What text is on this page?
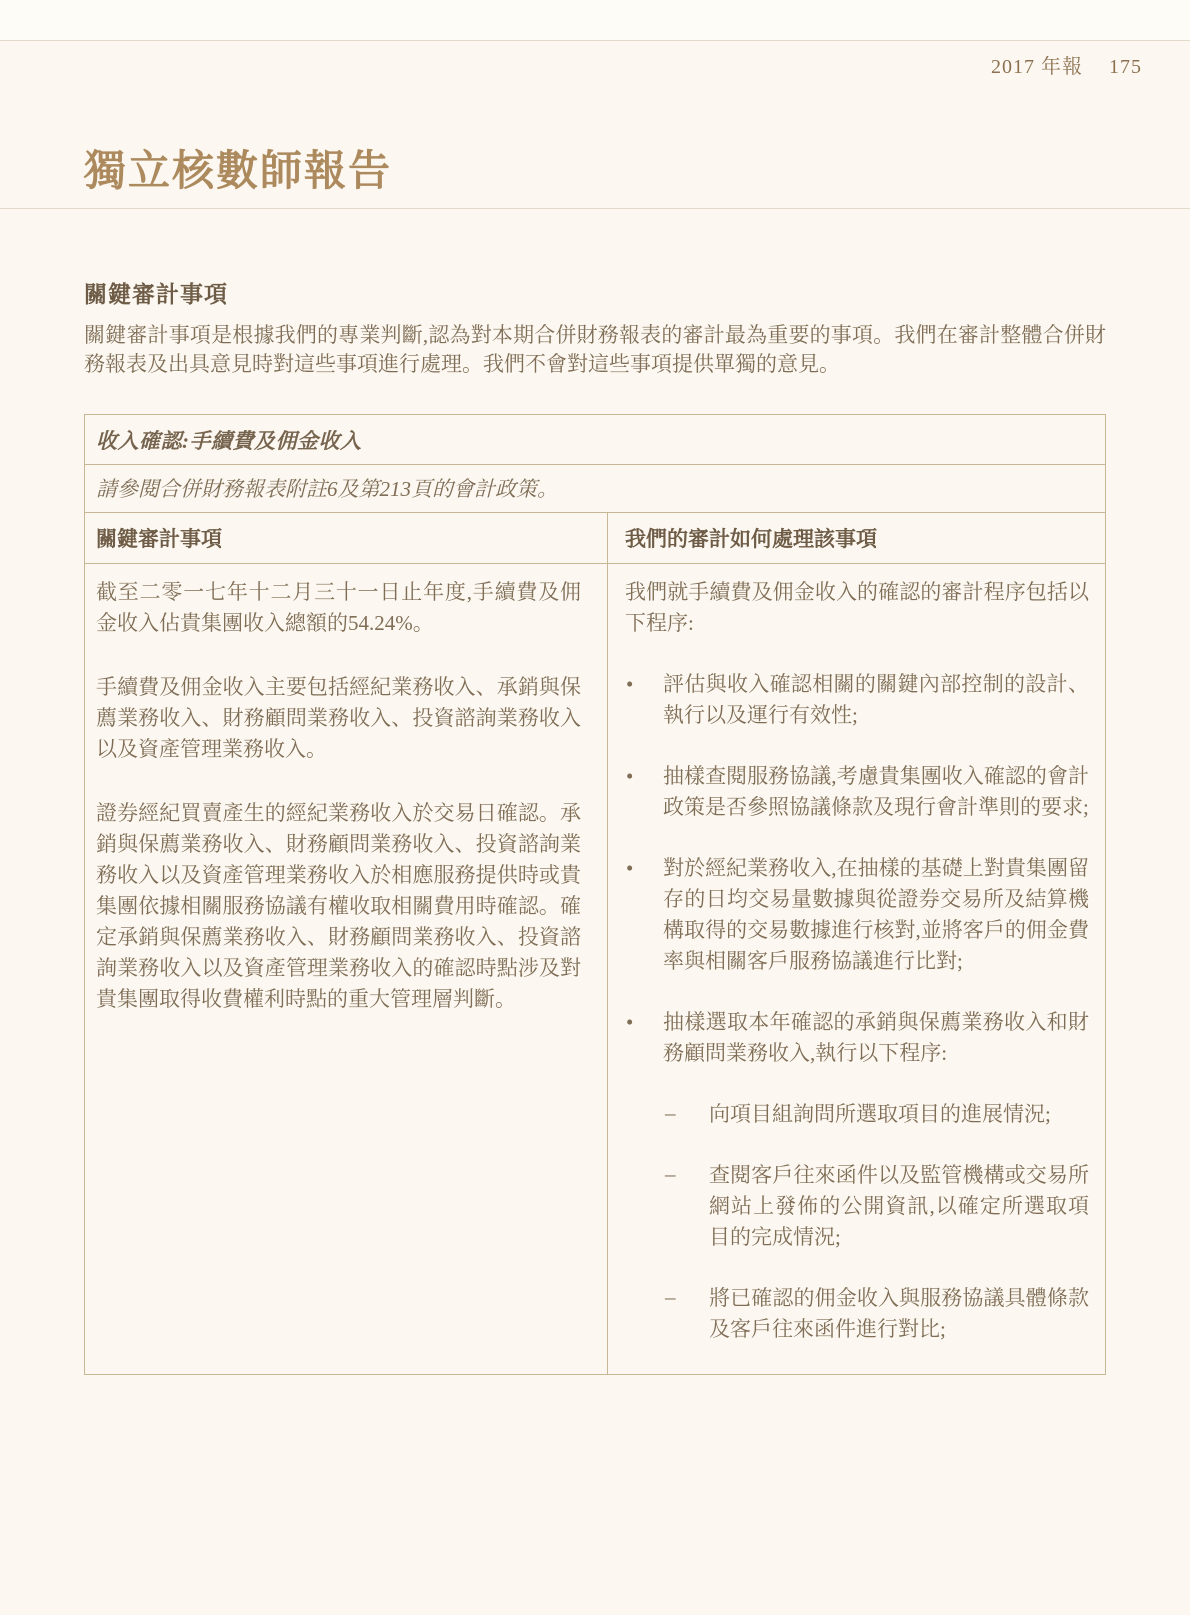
2017 年報 175
獨立核數師報告
關鍵審計事項

關鍵審計事項是根據我們的專業判斷,認為對本期合併財務報表的審計最為重要的事項。我們在審計整體合併財務報表及出具意見時對這些事項進行處理。我們不會對這些事項提供單獨的意見。

收入確認:手續費及佣金收入
請參閱合併財務報表附註6及第213頁的會計政策。
關鍵審計事項	我們的審計如何處理該事項

截至二零一七年十二月三十一日止年度,手續費及佣金收入佔貴集團收入總額的54.24%。

手續費及佣金收入主要包括經紀業務收入、承銷與保薦業務收入、財務顧問業務收入、投資諮詢業務收入以及資產管理業務收入。

證券經紀買賣產生的經紀業務收入於交易日確認。承銷與保薦業務收入、財務顧問業務收入、投資諮詢業務收入以及資產管理業務收入於相應服務提供時或貴集團依據相關服務協議有權收取相關費用時確認。確定承銷與保薦業務收入、財務顧問業務收入、投資諮詢業務收入以及資產管理業務收入的確認時點涉及對貴集團取得收費權利時點的重大管理層判斷。

我們就手續費及佣金收入的確認的審計程序包括以下程序:

• 評估與收入確認相關的關鍵內部控制的設計、執行以及運行有效性;
• 抽樣查閱服務協議,考慮貴集團收入確認的會計政策是否參照協議條款及現行會計準則的要求;
• 對於經紀業務收入,在抽樣的基礎上對貴集團留存的日均交易量數據與從證券交易所及結算機構取得的交易數據進行核對,並將客戶的佣金費率與相關客戶服務協議進行比對;
• 抽樣選取本年確認的承銷與保薦業務收入和財務顧問業務收入,執行以下程序:
– 向項目組詢問所選取項目的進展情況;
– 查閱客戶往來函件以及監管機構或交易所網站上發佈的公開資訊,以確定所選取項目的完成情況;
– 將已確認的佣金收入與服務協議具體條款及客戶往來函件進行對比;
